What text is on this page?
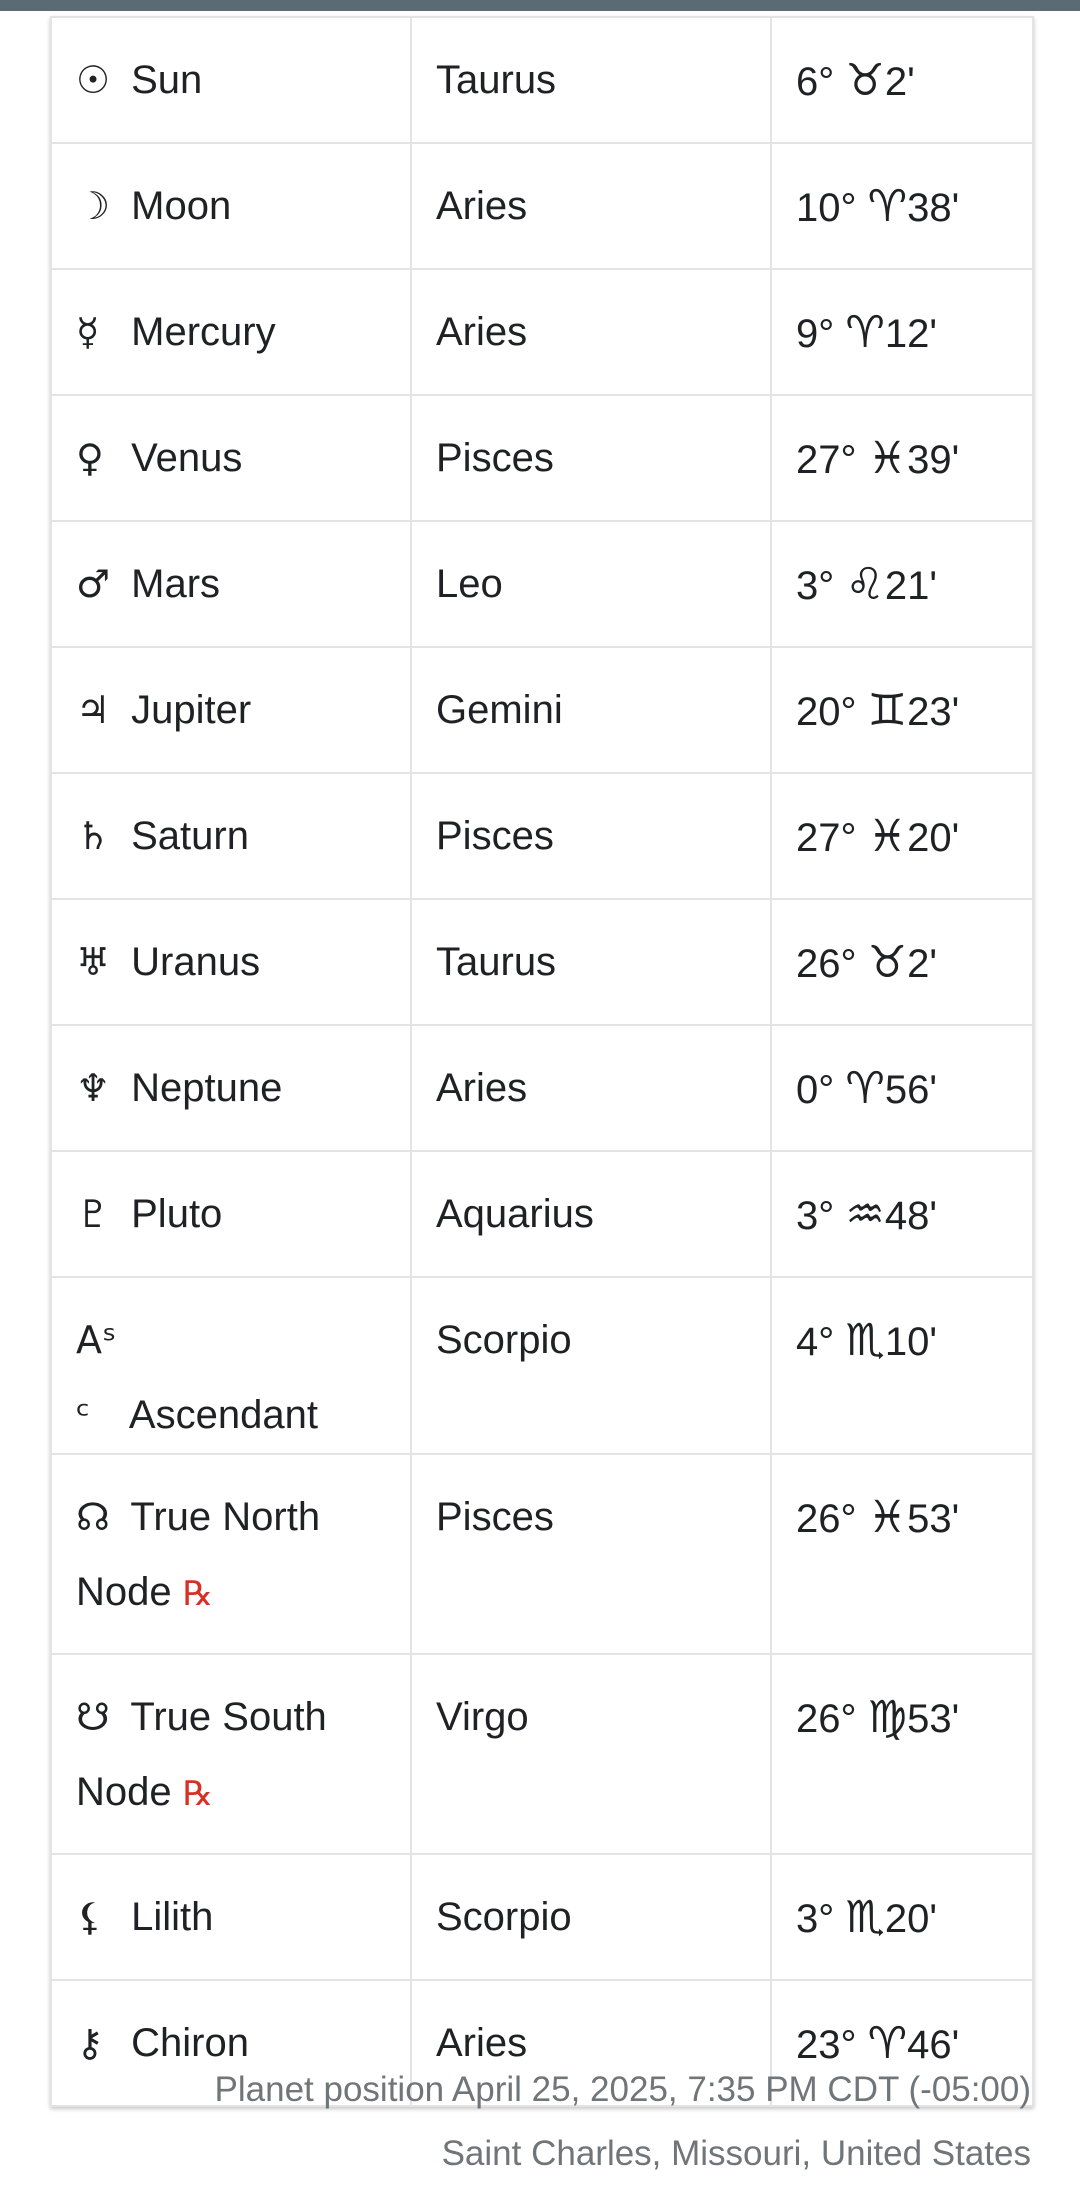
☉ Sun	Taurus	6° ♉2'

☽ Moon	Aries	10° ♈38'

☿ Mercury	Aries	9° ♈12'

♀ Venus	Pisces	27° ♓39'

♂ Mars	Leo	3° ♌21'

♃ Jupiter	Gemini	20° ♊23'

♄ Saturn	Pisces	27° ♓20'

♅ Uranus	Taurus	26° ♉2'

♆ Neptune	Aries	0° ♈56'

♇ Pluto	Aquarius	3° ♒48'

Aˢᶜ Ascendant	Scorpio	4° ♏10'

☊ True North Node ℞	Pisces	26° ♓53'

☋ True South Node ℞	Virgo	26° ♍53'

⚸ Lilith	Scorpio	3° ♏20'

⚷ Chiron	Aries	23° ♈46'
Planet position April 25, 2025, 7:35 PM CDT (-05:00)
Saint Charles, Missouri, United States
